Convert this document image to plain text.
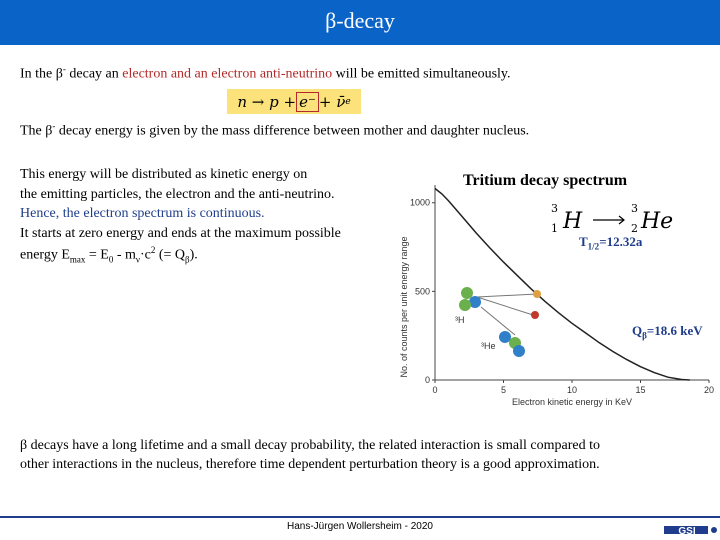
β-decay
In the β- decay an electron and an electron anti-neutrino will be emitted simultaneously.
n → p + e⁻ + ν̄ e
The β- decay energy is given by the mass difference between mother and daughter nucleus.
This energy will be distributed as kinetic energy on
the emitting particles, the electron and the anti-neutrino.
Hence, the electron spectrum is continuous.
It starts at zero energy and ends at the maximum possible
energy $E_{max} = E_0 - m_\nu\cdot c^2$ (= $Q_\beta$).
1000
500
0
0	5	10	15	20
No. of counts per unit energy range
Electron kinetic energy in KeV
³H
³He
Tritium decay spectrum
3
1 H
3
2 He
$T_{1/2}=12.32a$
$Q_\beta=18.6$ keV
β decays have a long lifetime and a small decay probability, the related interaction is small compared to
other interactions in the nucleus, therefore time dependent perturbation theory is a good approximation.
Hans-Jürgen Wollersheim - 2020	GSI
